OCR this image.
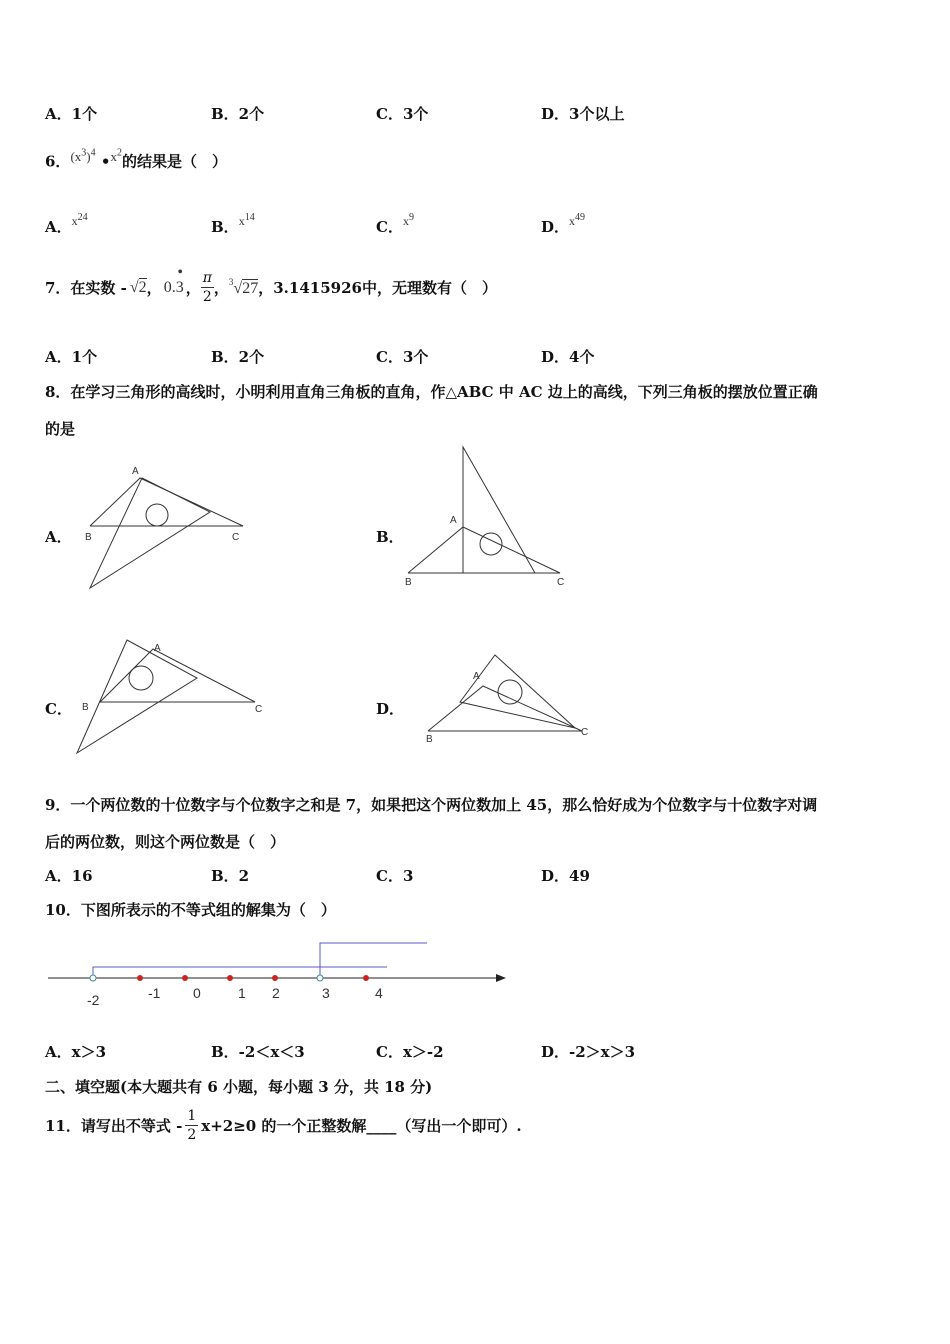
A．1个	B．2个	C．3个	D．3个以上
6．$(x^3)^4$ $•x^2$的结果是（　）
A．$^{x^{24}}$
B．$^{x^{14}}$
C．$^{x^9}$
D．$^{x^{49}}$
7．在实数 - √2 ，
•
0.3 ， $\frac{\pi}{2}$ ， $^3$√27 ， 3.1415926 中，无理数有（　）
A．1个	B．2个	C．3个	D．4个
8．在学习三角形的高线时，小明利用直角三角板的直角，作△ABC 中 AC 边上的高线，下列三角板的摆放位置正确
的是
A．	B．
C．	D．
A
B	C
A
B	C
A
B	C
A
B
C
9．一个两位数的十位数字与个位数字之和是 7，如果把这个两位数加上 45，那么恰好成为个位数字与十位数字对调
后的两位数，则这个两位数是（　）
A．16	B．2	C．3	D．49
10．下图所表示的不等式组的解集为（　）
-2	-1 0	1 2	3	4
A．x＞3	B．-2＜x＜3	C．x＞-2	D．-2＞x＞3
二、填空题(本大题共有 6 小题，每小题 3 分，共 18 分)
11．请写出不等式 - $\frac{1}{2} x+2\ge 0$ 的一个正整数解____（写出一个即可）.
